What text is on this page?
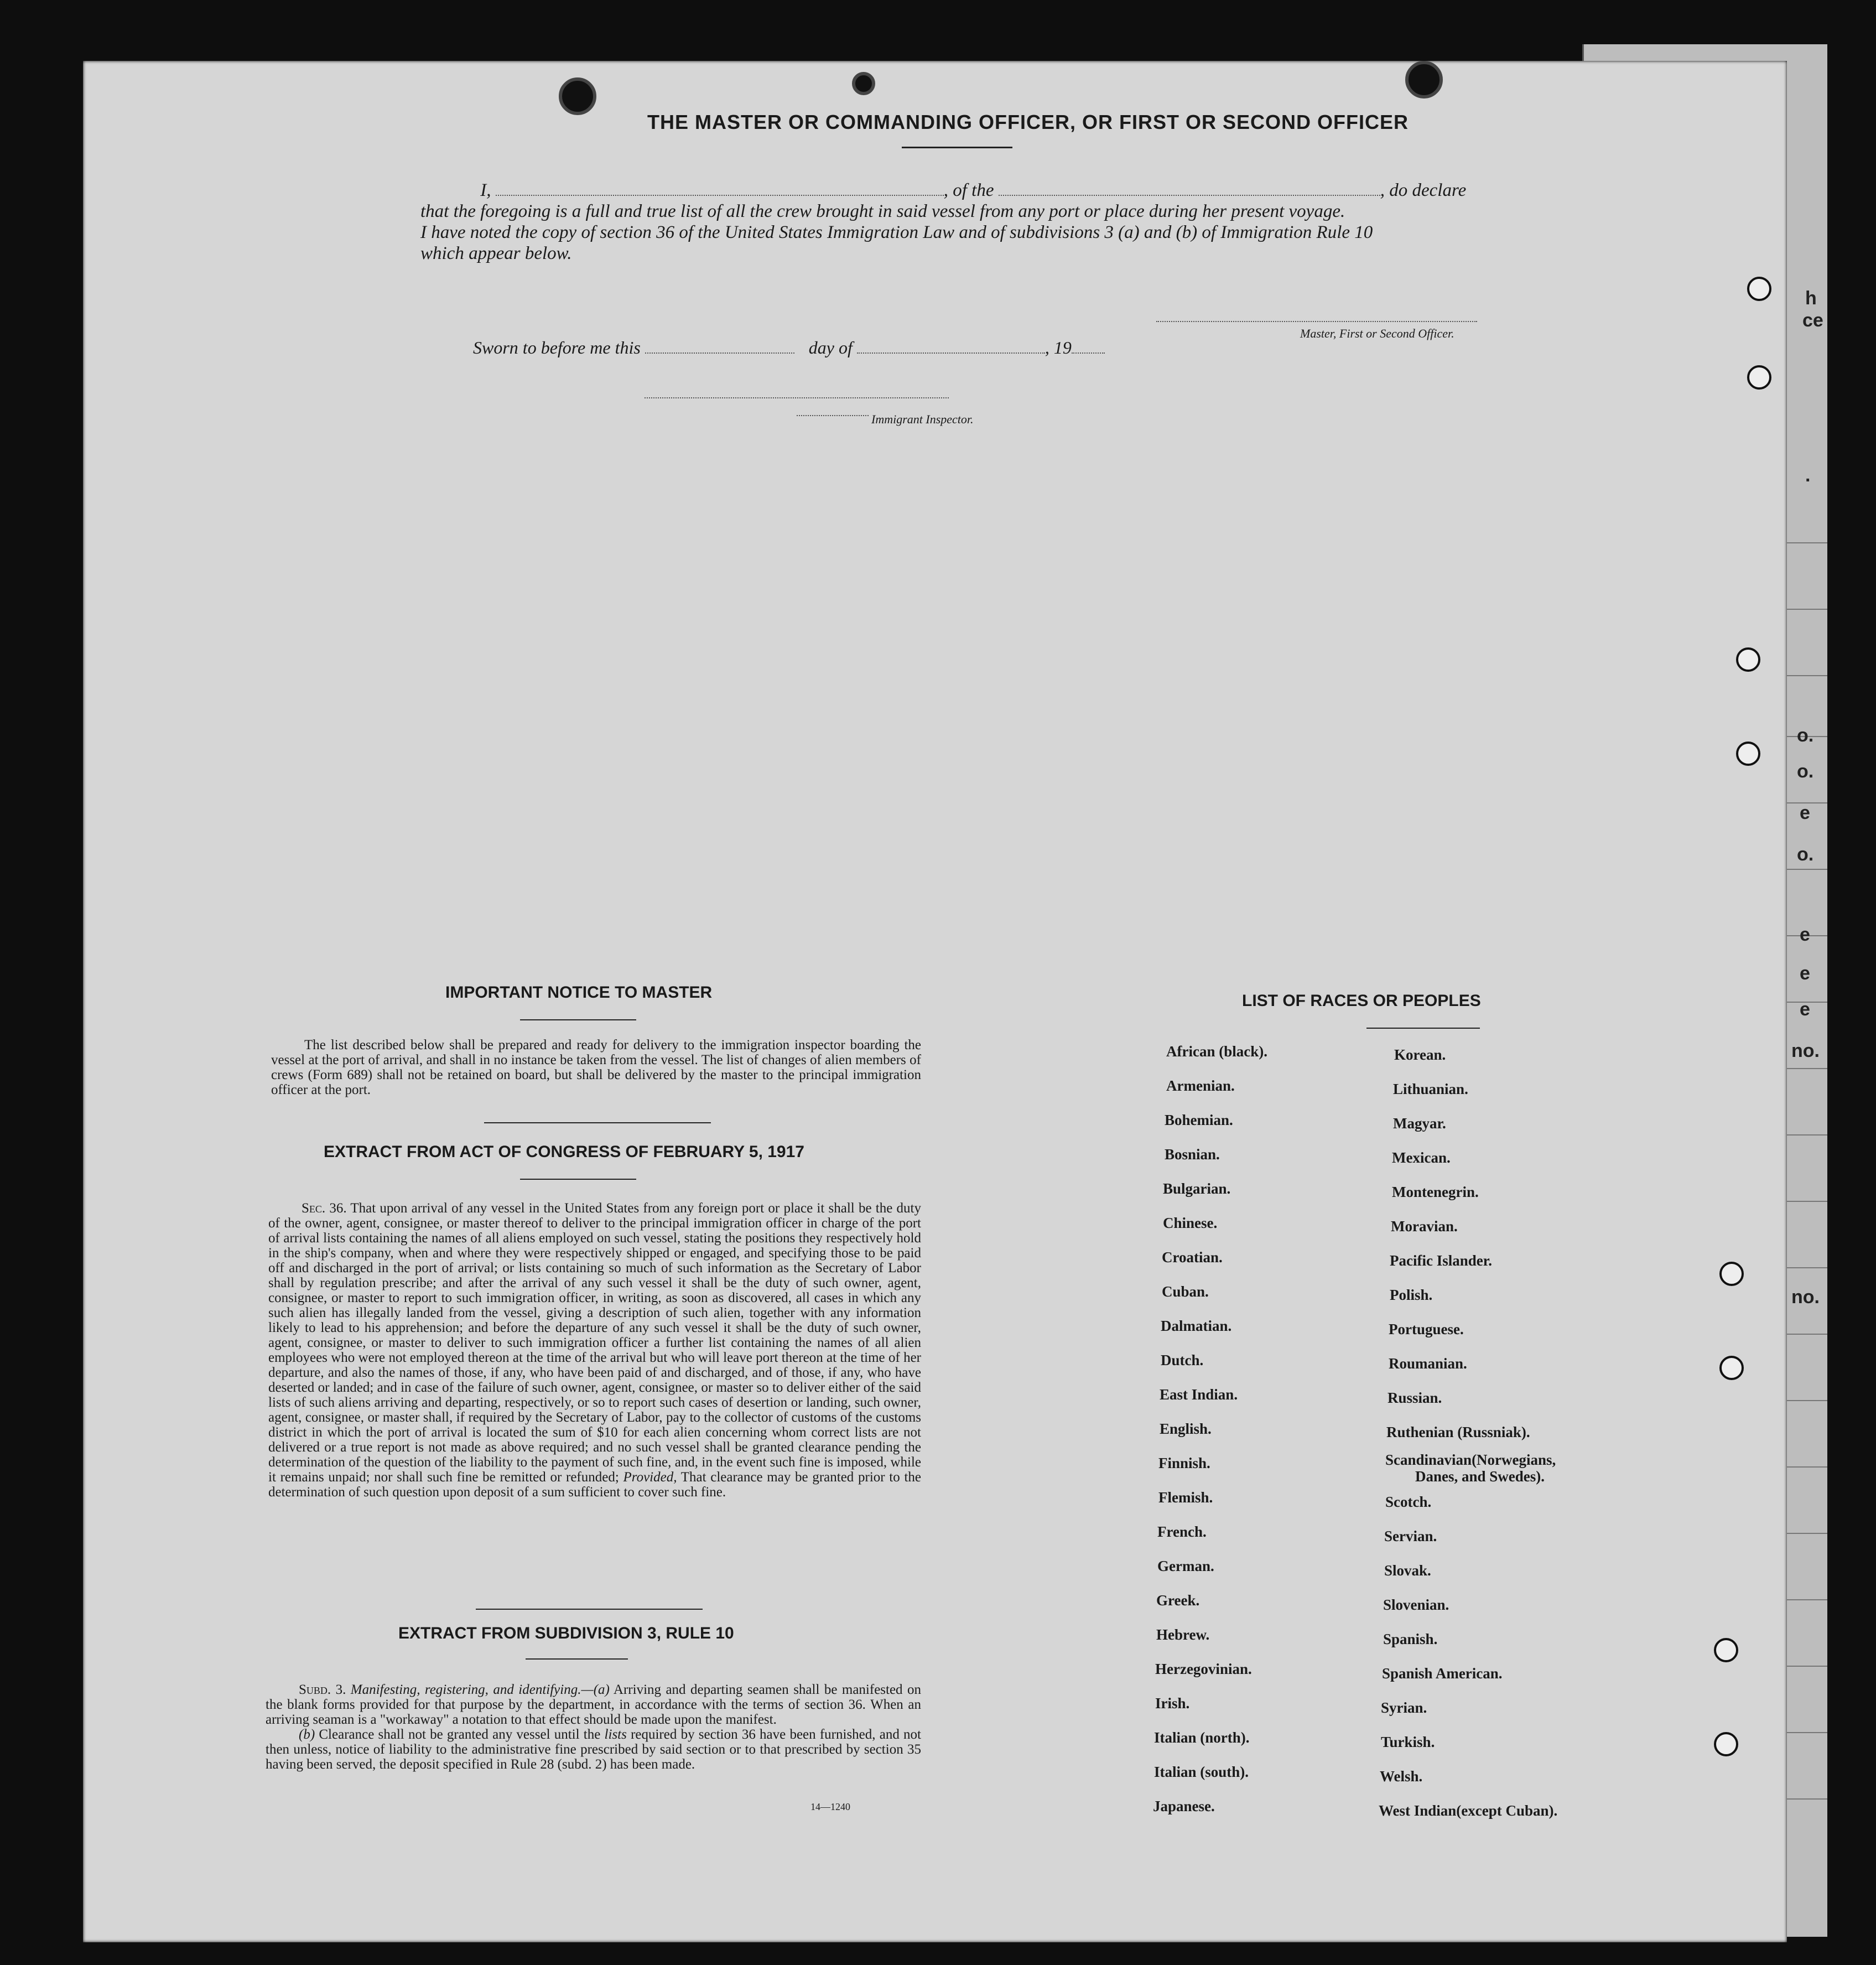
h
ce
.
o.
o.
e
o.
e
e
e
no.
no.
THE MASTER OR COMMANDING OFFICER, OR FIRST OR SECOND OFFICER

I,	, of the	, do declare

that the foregoing is a full and true list of all the crew brought in said vessel from any port or place during her present voyage.

I have noted the copy of section 36 of the United States Immigration Law and of subdivisions 3 (a) and (b) of Immigration Rule 10

which appear below.

Master, First or Second Officer.
Sworn to before me this	day of	, 19
Immigrant Inspector.
IMPORTANT NOTICE TO MASTER
The list described below shall be prepared and ready for delivery to the immigration inspector boarding the vessel at the port of arrival, and shall in no instance be taken from the vessel. The list of changes of alien members of crews (Form 689) shall not be retained on board, but shall be delivered by the master to the principal immigration officer at the port.
EXTRACT FROM ACT OF CONGRESS OF FEBRUARY 5, 1917
Sec. 36. That upon arrival of any vessel in the United States from any foreign port or place it shall be the duty of the owner, agent, consignee, or master thereof to deliver to the principal immigration officer in charge of the port of arrival lists containing the names of all aliens employed on such vessel, stating the positions they respectively hold in the ship's company, when and where they were respectively shipped or engaged, and specifying those to be paid off and discharged in the port of arrival; or lists containing so much of such information as the Secretary of Labor shall by regulation prescribe; and after the arrival of any such vessel it shall be the duty of such owner, agent, consignee, or master to report to such immigration officer, in writing, as soon as discovered, all cases in which any such alien has illegally landed from the vessel, giving a description of such alien, together with any information likely to lead to his apprehension; and before the departure of any such vessel it shall be the duty of such owner, agent, consignee, or master to deliver to such immigration officer a further list containing the names of all alien employees who were not employed thereon at the time of the arrival but who will leave port thereon at the time of her departure, and also the names of those, if any, who have been paid of and discharged, and of those, if any, who have deserted or landed; and in case of the failure of such owner, agent, consignee, or master so to deliver either of the said lists of such aliens arriving and departing, respectively, or so to report such cases of desertion or landing, such owner, agent, consignee, or master shall, if required by the Secretary of Labor, pay to the collector of customs of the customs district in which the port of arrival is located the sum of $10 for each alien concerning whom correct lists are not delivered or a true report is not made as above required; and no such vessel shall be granted clearance pending the determination of the question of the liability to the payment of such fine, and, in the event such fine is imposed, while it remains unpaid; nor shall such fine be remitted or refunded; Provided, That clearance may be granted prior to the determination of such question upon deposit of a sum sufficient to cover such fine.
EXTRACT FROM SUBDIVISION 3, RULE 10
Subd. 3. Manifesting, registering, and identifying.—(a) Arriving and departing seamen shall be manifested on the blank forms provided for that purpose by the department, in accordance with the terms of section 36. When an arriving seaman is a "workaway" a notation to that effect should be made upon the manifest.
(b) Clearance shall not be granted any vessel until the lists required by section 36 have been furnished, and not then unless, notice of liability to the administrative fine prescribed by said section or to that prescribed by section 35 having been served, the deposit specified in Rule 28 (subd. 2) has been made.
14—1240
LIST OF RACES OR PEOPLES
African (black).
Armenian.
Bohemian.
Bosnian.
Bulgarian.
Chinese.
Croatian.
Cuban.
Dalmatian.
Dutch.
East Indian.
English.
Finnish.
Flemish.
French.
German.
Greek.
Hebrew.
Herzegovinian.
Irish.
Italian (north).
Italian (south).
Japanese.
Korean.
Lithuanian.
Magyar.
Mexican.
Montenegrin.
Moravian.
Pacific Islander.
Polish.
Portuguese.
Roumanian.
Russian.
Ruthenian (Russniak).
Scandinavian(Norwegians,
Danes, and Swedes).
Scotch.
Servian.
Slovak.
Slovenian.
Spanish.
Spanish American.
Syrian.
Turkish.
Welsh.
West Indian(except Cuban).
